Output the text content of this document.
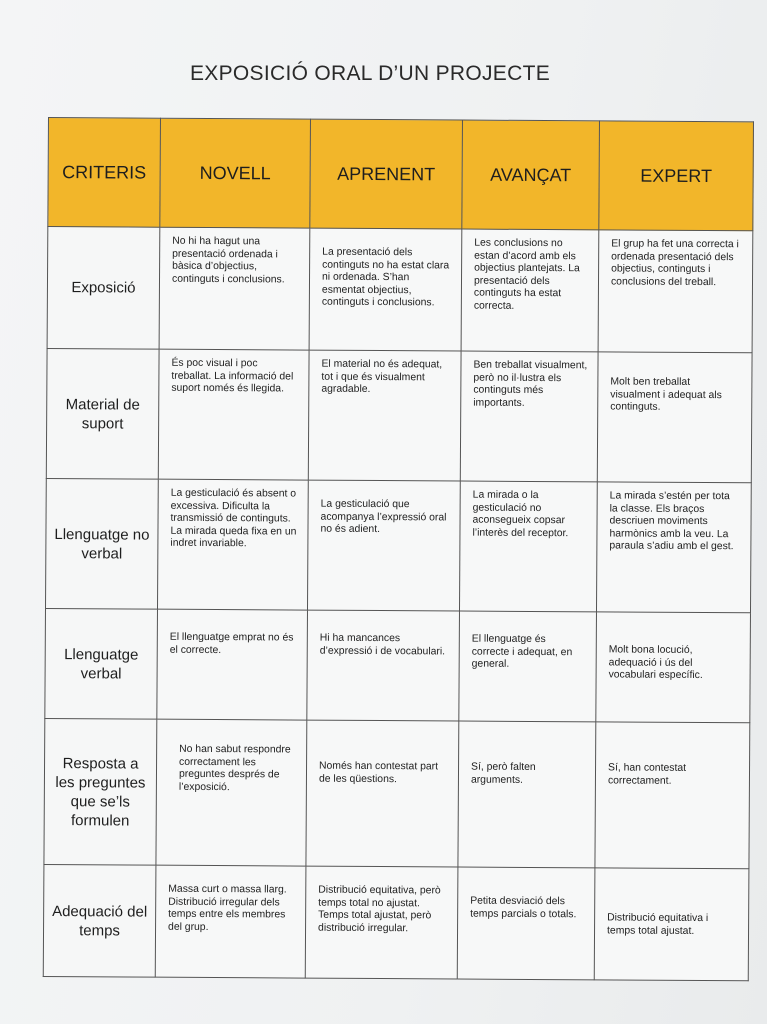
EXPOSICIÓ ORAL D’UN PROJECTE
CRITERIS	NOVELL	APRENENT	AVANÇAT	EXPERT
Exposició	No hi ha hagut una presentació ordenada i bàsica d’objectius, continguts i conclusions.	La presentació dels continguts no ha estat clara ni ordenada. S’han esmentat objectius, continguts i conclusions.	Les conclusions no estan d’acord amb els objectius plantejats. La presentació dels continguts ha estat correcta.	El grup ha fet una correcta i ordenada presentació dels objectius, continguts i conclusions del treball.
Material de suport	És poc visual i poc treballat. La informació del suport només és llegida.	El material no és adequat, tot i que és visualment agradable.	Ben treballat visualment, però no il·lustra els continguts més importants.	Molt ben treballat visualment i adequat als continguts.
Llenguatge no verbal	La gesticulació és absent o excessiva. Dificulta la transmissió de continguts. La mirada queda fixa en un indret invariable.	La gesticulació que acompanya l’expressió oral no és adient.	La mirada o la gesticulació no aconsegueix copsar l’interès del receptor.	La mirada s’estén per tota la classe. Els braços descriuen moviments harmònics amb la veu. La paraula s’adiu amb el gest.
Llenguatge verbal	El llenguatge emprat no és el correcte.	Hi ha mancances d’expressió i de vocabulari.	El llenguatge és correcte i adequat, en general.	Molt bona locució, adequació i ús del vocabulari específic.
Resposta a les preguntes que se’ls formulen	No han sabut respondre correctament les preguntes després de l’exposició.	Només han contestat part de les qüestions.	Sí, però falten arguments.	Sí, han contestat correctament.
Adequació del temps	Massa curt o massa llarg. Distribució irregular dels temps entre els membres del grup.	Distribució equitativa, però temps total no ajustat. Temps total ajustat, però distribució irregular.	Petita desviació dels temps parcials o totals.	Distribució equitativa i temps total ajustat.
